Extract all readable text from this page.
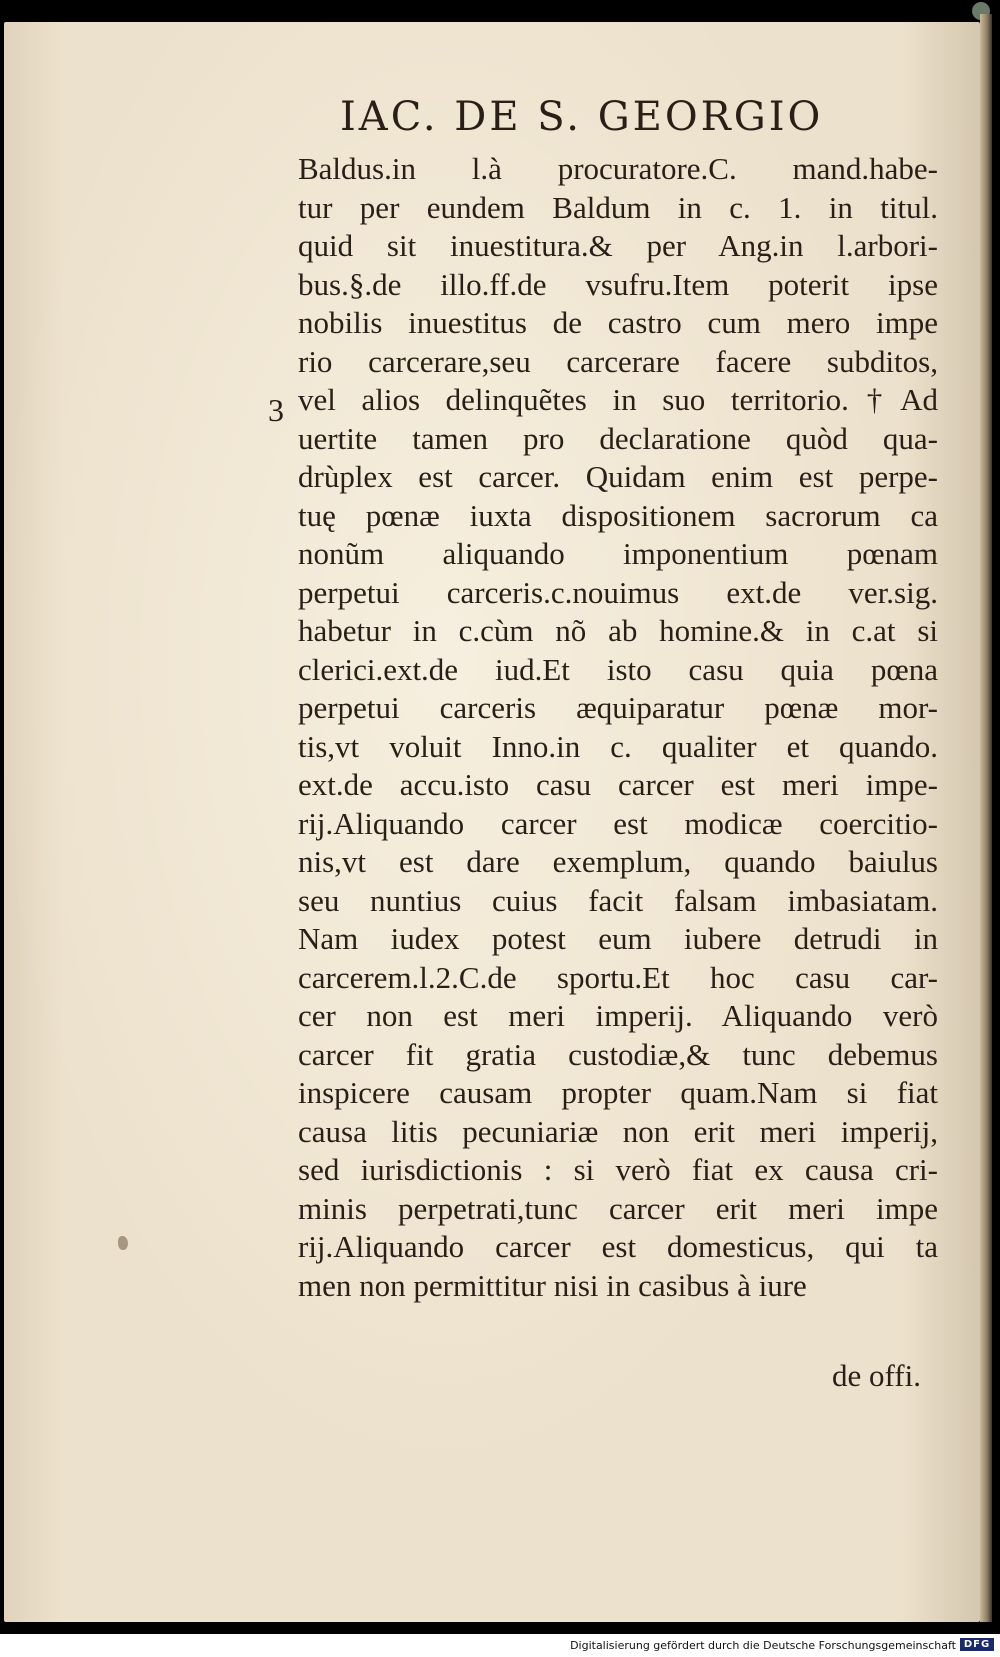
IAC. DE S. GEORGIO
3
Baldus.in l.à procuratore.C. mand.habe-
tur per eundem Baldum in c. 1. in titul.
quid sit inuestitura.& per Ang.in l.arbori-
bus.§.de illo.ff.de vsufru.Item poterit ipse
nobilis inuestitus de castro cum mero impe
rio carcerare,seu carcerare facere subditos,
vel alios delinquẽtes in suo territorio.†Ad
uertite tamen pro declaratione quòd qua-
drùplex est carcer. Quidam enim est perpe-
tuę pœnæ iuxta dispositionem sacrorum ca
nonũm aliquando imponentium pœnam
perpetui carceris.c.nouimus ext.de ver.sig.
habetur in c.cùm nõ ab homine.& in c.at si
clerici.ext.de iud.Et isto casu quia pœna
perpetui carceris æquiparatur pœnæ mor-
tis,vt voluit Inno.in c. qualiter et quando.
ext.de accu.isto casu carcer est meri impe-
rij.Aliquando carcer est modicæ coercitio-
nis,vt est dare exemplum, quando baiulus
seu nuntius cuius facit falsam imbasiatam.
Nam iudex potest eum iubere detrudi in
carcerem.l.2.C.de sportu.Et hoc casu car-
cer non est meri imperij. Aliquando verò
carcer fit gratia custodiæ,& tunc debemus
inspicere causam propter quam.Nam si fiat
causa litis pecuniariæ non erit meri imperij,
sed iurisdictionis : si verò fiat ex causa cri-
minis perpetrati,tunc carcer erit meri impe
rij.Aliquando carcer est domesticus, qui ta
men non permittitur nisi in casibus à iure
de offi.
Digitalisierung gefördert durch die Deutsche Forschungsgemeinschaft DFG
